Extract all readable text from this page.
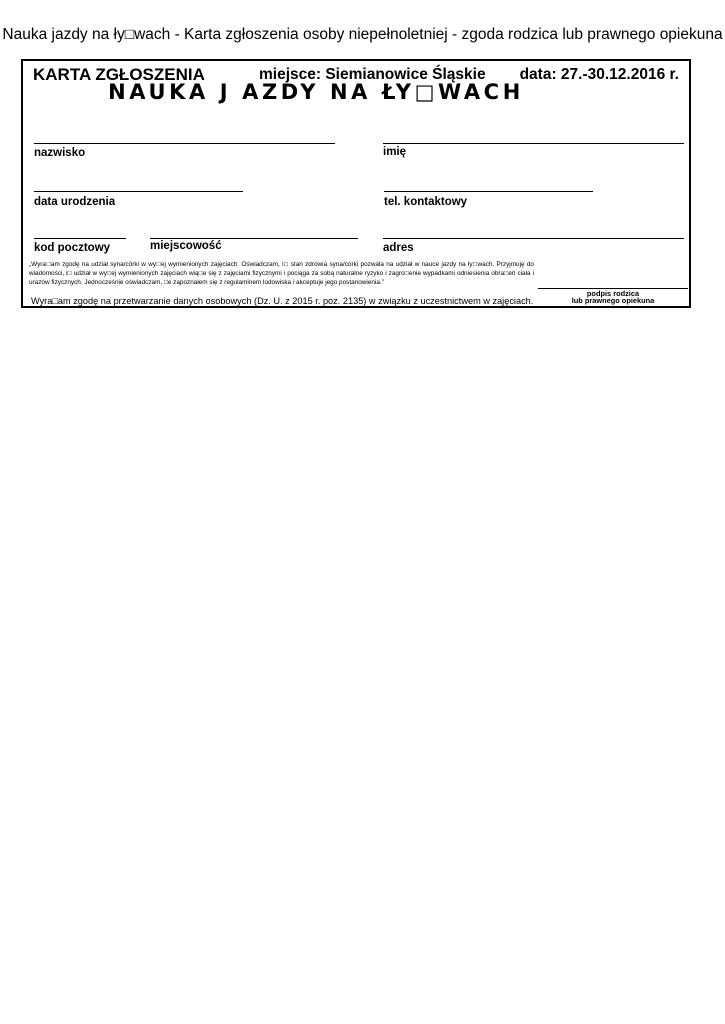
Nauka jazdy na ły□wach - Karta zgłoszenia osoby niepełnoletniej - zgoda rodzica lub prawnego opiekuna
KARTA ZGŁOSZENIA	miejsce: Siemianowice Śląskie data: 27.-30.12.2016 r.
NAUKA J AZDY NA ŁY□WACH
nazwisko	imię
data urodzenia	tel. kontaktowy
kod pocztowy	miejscowość	adres
„Wyra□am zgodę na udział syna/córki w wy□ej wymienionych zajęciach. Oświadczam, i□ stan zdrowia syna/córki pozwala na udział w nauce jazdy na ły□wach. Przyjmuję do wiadomości, i□ udział w wy□ej wymienionych zajęciach wią□e się z zajęciami fizycznymi i pociąga za sobą naturalne ryzyko i zagro□enie wypadkami odniesienia obra□eń ciała i urazów fizycznych. Jednocześnie oświadczam, □e zapoznałem się z regulaminem lodowiska i akceptuje jego postanowienia.”
Wyra□am zgodę na przetwarzanie danych osobowych (Dz. U. z 2015 r. poz. 2135) w związku z uczestnictwem w zajęciach.
podpis rodzica
lub prawnego opiekuna
